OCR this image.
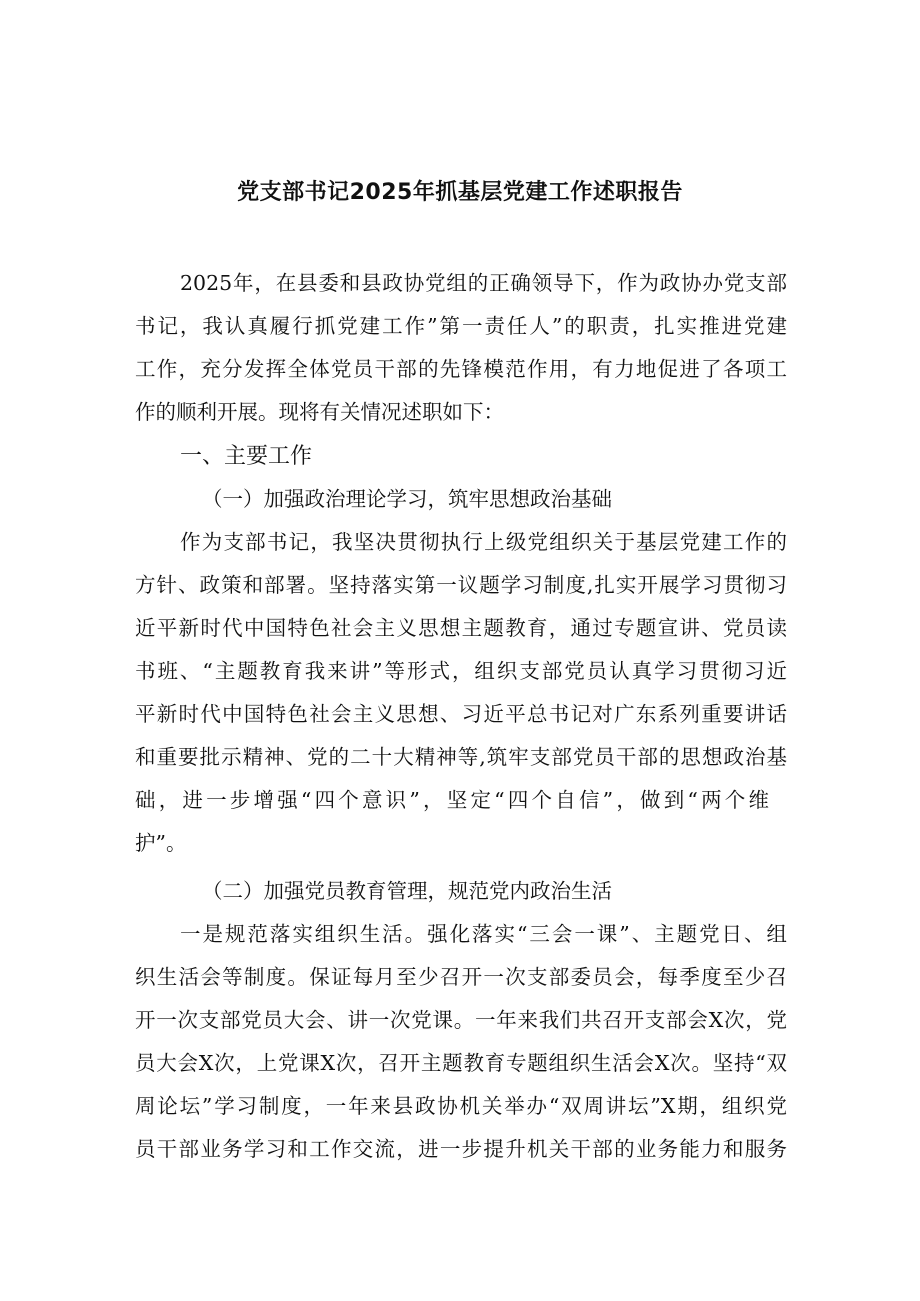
党支部书记2025年抓基层党建工作述职报告
2025年，在县委和县政协党组的正确领导下，作为政协办党支部
书记，我认真履行抓党建工作”第一责任人”的职责，扎实推进党建
工作，充分发挥全体党员干部的先锋模范作用，有力地促进了各项工
作的顺利开展。现将有关情况述职如下：
一、主要工作
（一）加强政治理论学习，筑牢思想政治基础
作为支部书记，我坚决贯彻执行上级党组织关于基层党建工作的
方针、政策和部署。坚持落实第一议题学习制度,扎实开展学习贯彻习
近平新时代中国特色社会主义思想主题教育，通过专题宣讲、党员读
书班、“主题教育我来讲”等形式，组织支部党员认真学习贯彻习近
平新时代中国特色社会主义思想、习近平总书记对广东系列重要讲话
和重要批示精神、党的二十大精神等,筑牢支部党员干部的思想政治基
础，进一步增强“四个意识”，坚定“四个自信”，做到“两个维
护”。
（二）加强党员教育管理，规范党内政治生活
一是规范落实组织生活。强化落实“三会一课”、主题党日、组
织生活会等制度。保证每月至少召开一次支部委员会，每季度至少召
开一次支部党员大会、讲一次党课。一年来我们共召开支部会X次，党
员大会X次，上党课X次，召开主题教育专题组织生活会X次。坚持“双
周论坛”学习制度，一年来县政协机关举办“双周讲坛”X期，组织党
员干部业务学习和工作交流，进一步提升机关干部的业务能力和服务
